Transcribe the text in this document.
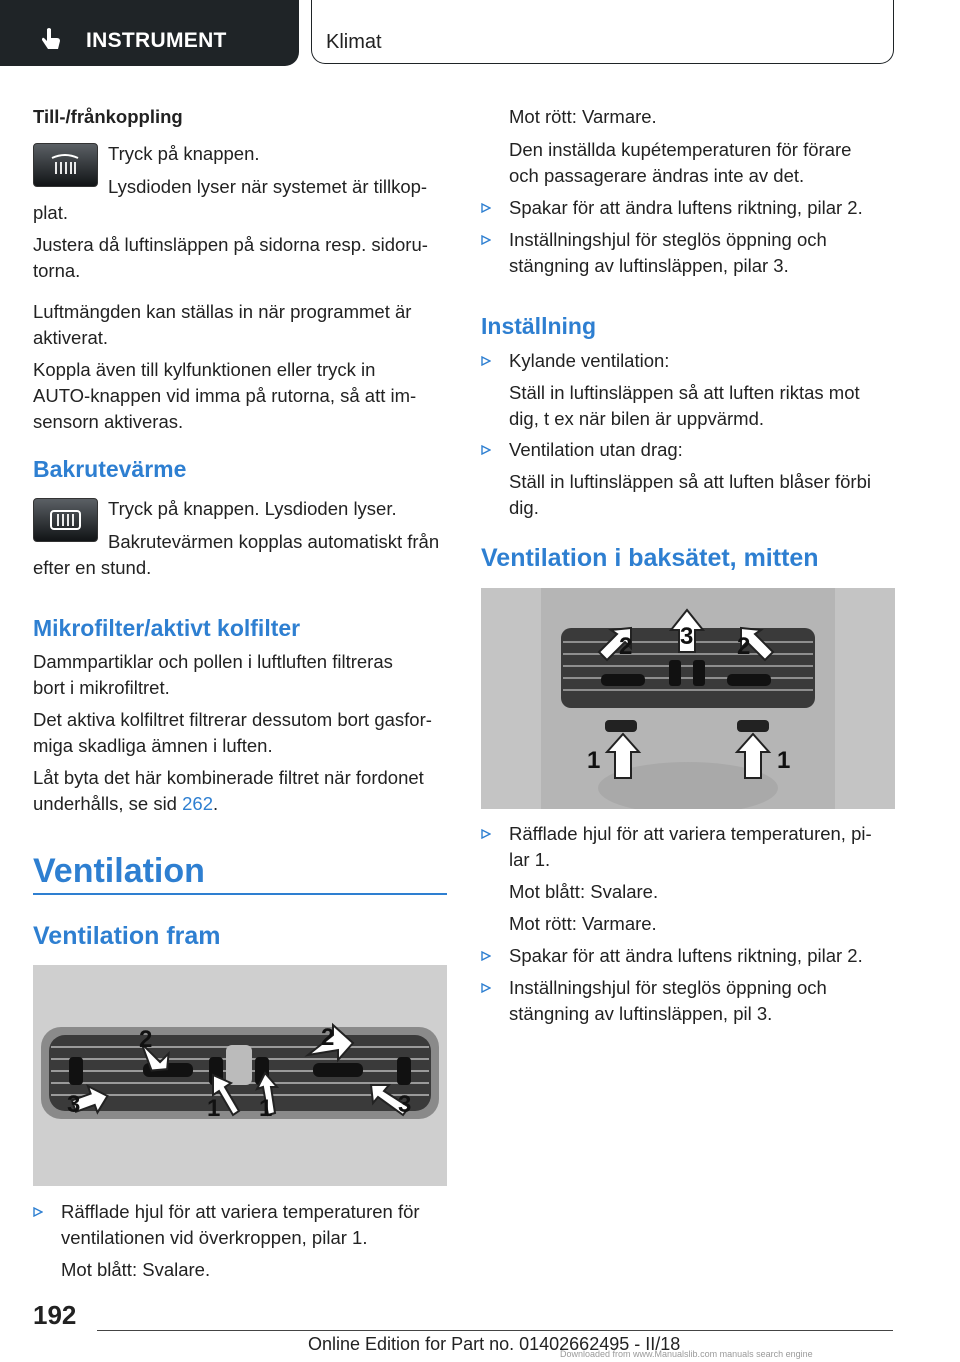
INSTRUMENT	Klimat
Till-/frånkoppling
Tryck på knappen.
Lysdioden lyser när systemet är tillkop‐
plat.
Justera då luftinsläppen på sidorna resp. sidoru‐
torna.
Luftmängden kan ställas in när programmet är
aktiverat.
Koppla även till kylfunktionen eller tryck in
AUTO-knappen vid imma på rutorna, så att im‐
sensorn aktiveras.
Bakrutevärme
Tryck på knappen. Lysdioden lyser.
Bakrutevärmen kopplas automatiskt från
efter en stund.
Mikrofilter/aktivt kolfilter
Dammpartiklar och pollen i luftluften filtreras
bort i mikrofiltret.
Det aktiva kolfiltret filtrerar dessutom bort gasfor‐
miga skadliga ämnen i luften.
Låt byta det här kombinerade filtret när fordonet
underhålls, se sid 262.
Ventilation
Ventilation fram
2	2
3	1 1	3
Räfflade hjul för att variera temperaturen för
ventilationen vid överkroppen, pilar 1.
Mot blått: Svalare.
Mot rött: Varmare.
Den inställda kupétemperaturen för förare
och passagerare ändras inte av det.
Spakar för att ändra luftens riktning, pilar 2.
Inställningshjul för steglös öppning och
stängning av luftinsläppen, pilar 3.
Inställning
Kylande ventilation:
Ställ in luftinsläppen så att luften riktas mot
dig, t ex när bilen är uppvärmd.
Ventilation utan drag:
Ställ in luftinsläppen så att luften blåser förbi
dig.
Ventilation i baksätet, mitten
2 3 2
1	1
Räfflade hjul för att variera temperaturen, pi‐
lar 1.
Mot blått: Svalare.
Mot rött: Varmare.
Spakar för att ändra luftens riktning, pilar 2.
Inställningshjul för steglös öppning och
stängning av luftinsläppen, pil 3.
192
Online Edition for Part no. 01402662495 - II/18
Downloaded from www.Manualslib.com manuals search engine
